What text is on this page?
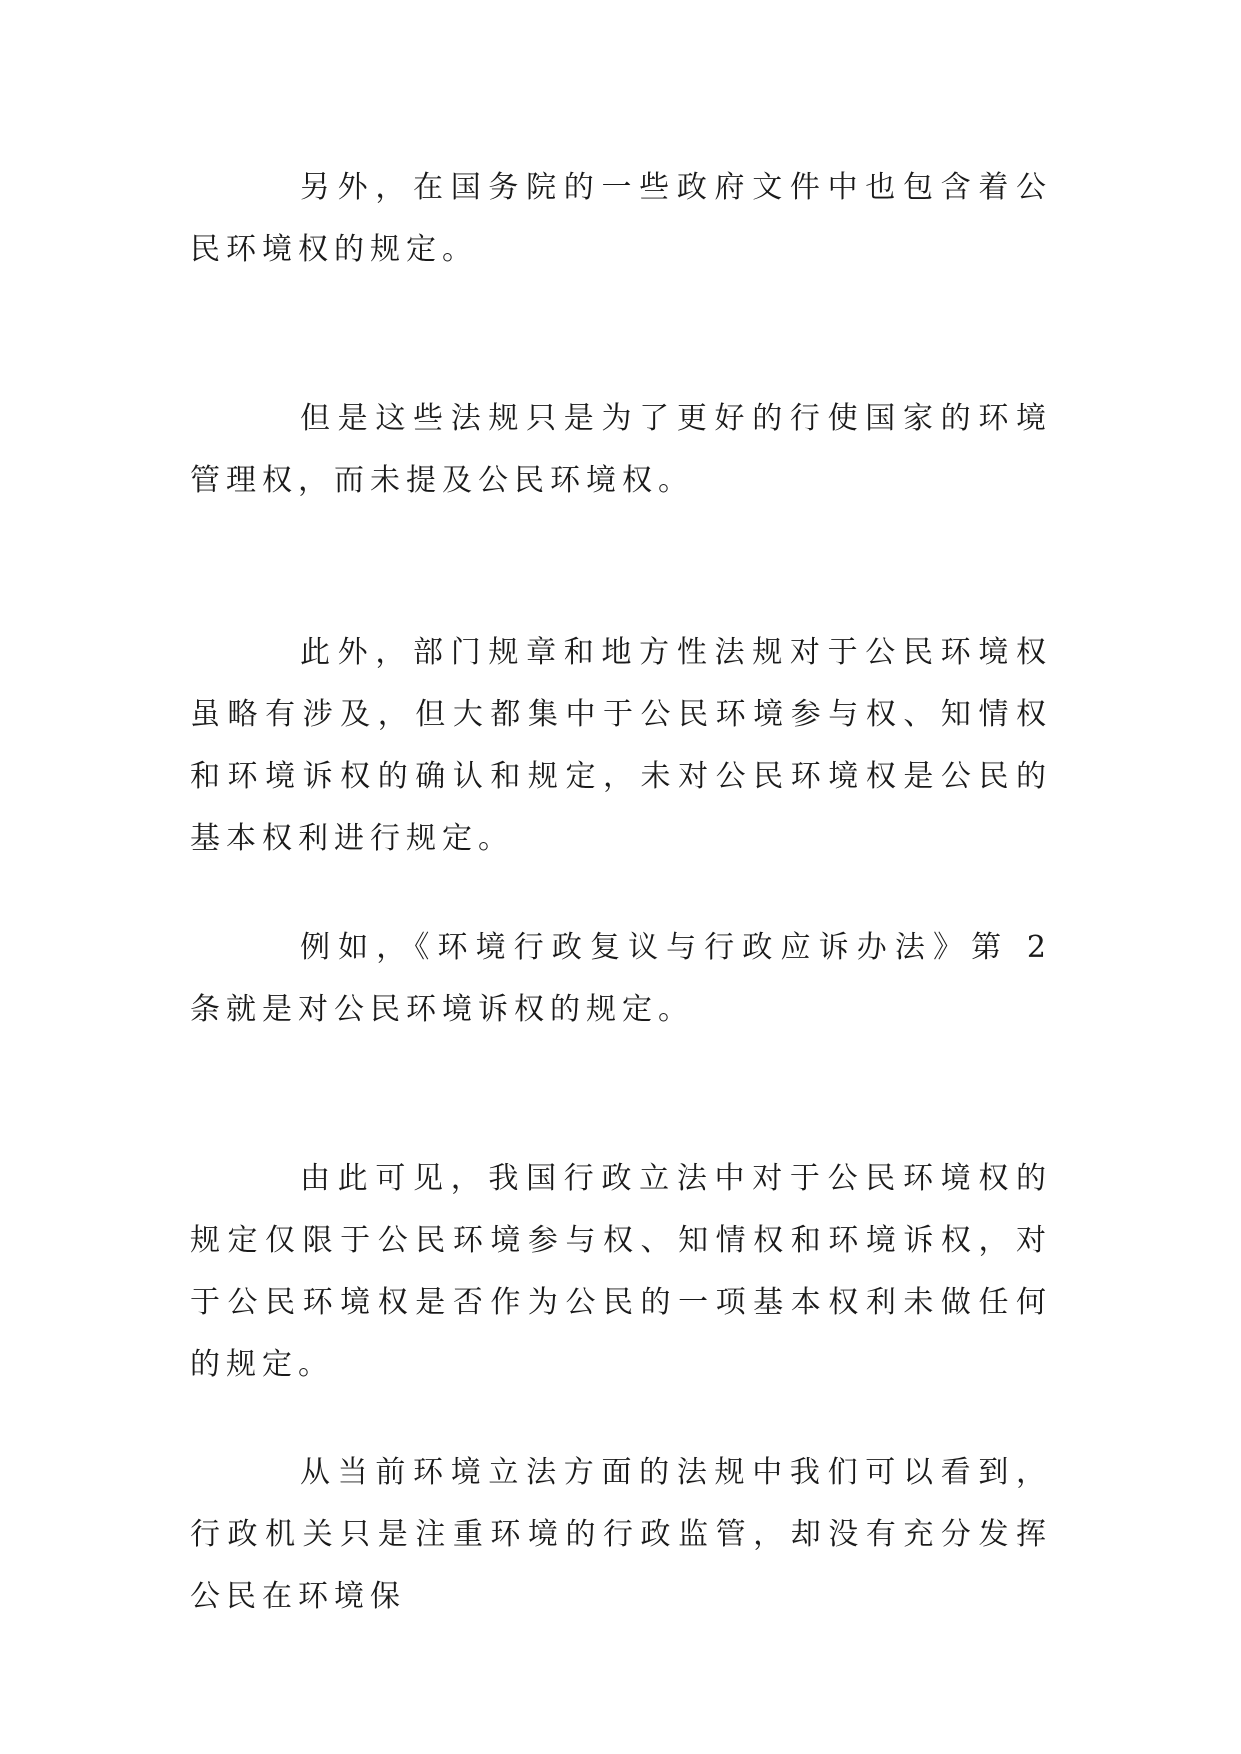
另外，在国务院的一些政府文件中也包含着公民环境权的规定。

但是这些法规只是为了更好的行使国家的环境管理权，而未提及公民环境权。

此外，部门规章和地方性法规对于公民环境权虽略有涉及，但大都集中于公民环境参与权、知情权和环境诉权的确认和规定，未对公民环境权是公民的基本权利进行规定。

例如，《环境行政复议与行政应诉办法》第 2 条就是对公民环境诉权的规定。

由此可见，我国行政立法中对于公民环境权的规定仅限于公民环境参与权、知情权和环境诉权，对于公民环境权是否作为公民的一项基本权利未做任何的规定。

从当前环境立法方面的法规中我们可以看到，行政机关只是注重环境的行政监管，却没有充分发挥公民在环境保
